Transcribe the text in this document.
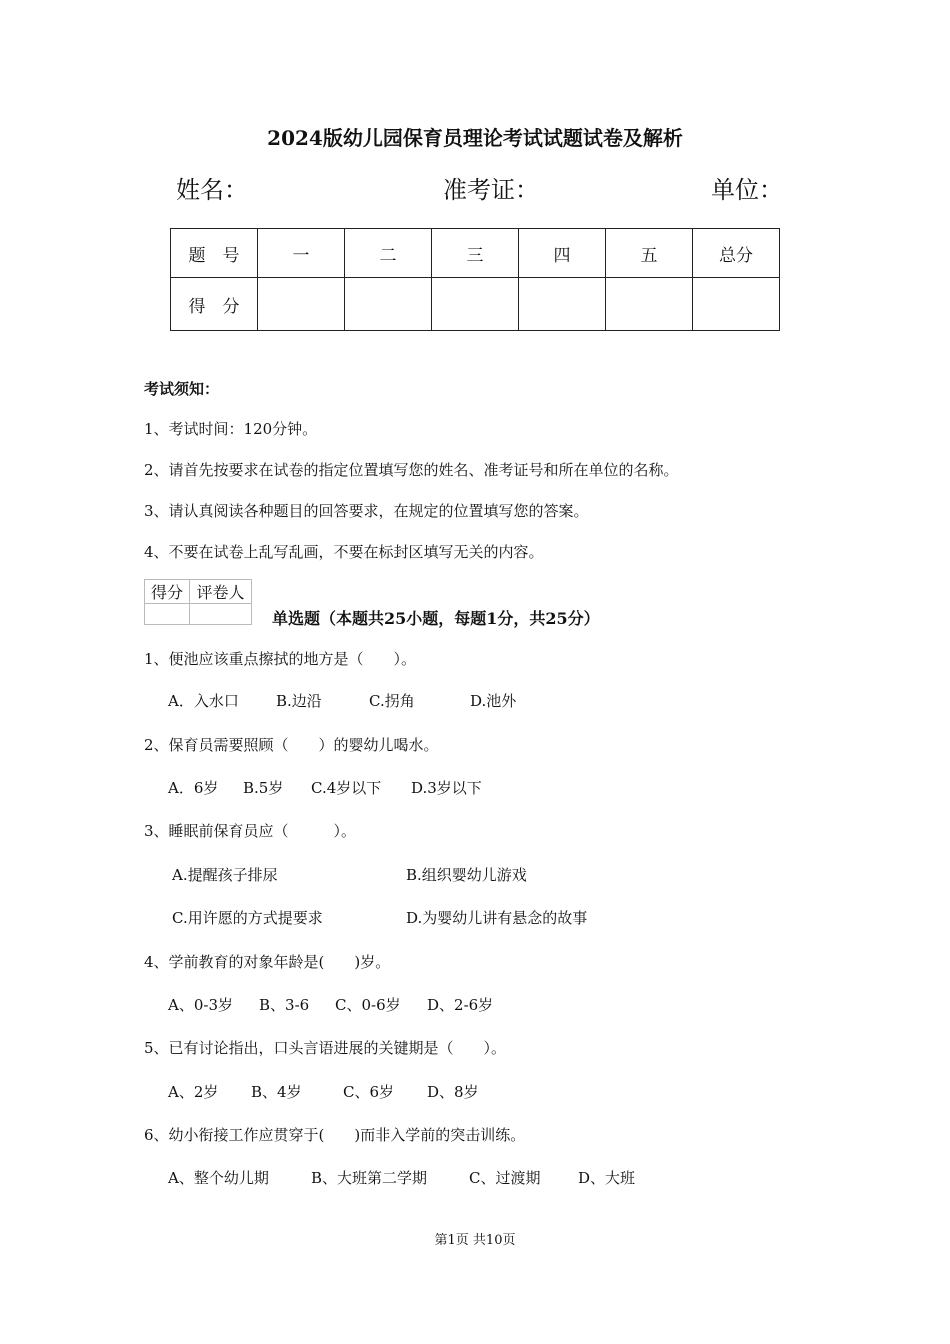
2024版幼儿园保育员理论考试试题试卷及解析
姓名：	准考证：	单位：
题　号	一	二	三	四	五	总分
得　分						
考试须知：
1、考试时间：120分钟。
2、请首先按要求在试卷的指定位置填写您的姓名、准考证号和所在单位的名称。
3、请认真阅读各种题目的回答要求，在规定的位置填写您的答案。
4、不要在试卷上乱写乱画，不要在标封区填写无关的内容。
得分	评卷人

单选题（本题共25小题，每题1分，共25分）
1、便池应该重点擦拭的地方是（　　）。
A．入水口 B.边沿	C.拐角	D.池外
2、保育员需要照顾（　　）的婴幼儿喝水。
A．6岁 B.5岁 C.4岁以下 D.3岁以下
3、睡眠前保育员应（　　　）。
A.提醒孩子排尿	B.组织婴幼儿游戏
C.用许愿的方式提要求	D.为婴幼儿讲有悬念的故事
4、学前教育的对象年龄是(　　)岁。
A、0-3岁 B、3-6 C、0-6岁 D、2-6岁
5、已有讨论指出，口头言语进展的关键期是（　　）。
A、2岁 B、4岁	C、6岁 D、8岁
6、幼小衔接工作应贯穿于(　　)而非入学前的突击训练。
A、整个幼儿期	B、大班第二学期	C、过渡期	D、大班
第1页 共10页
